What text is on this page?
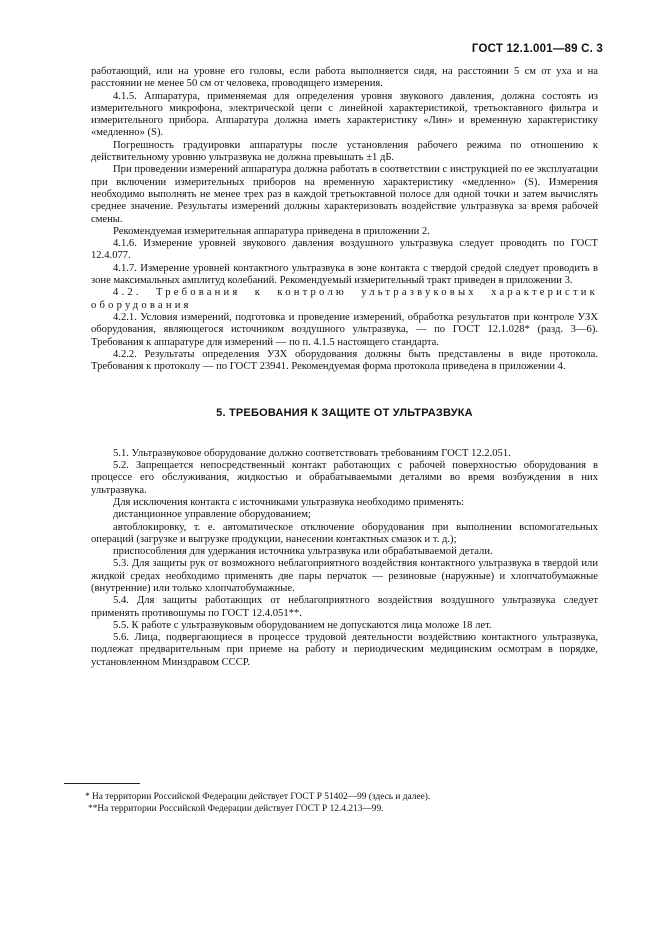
ГОСТ 12.1.001—89 С. 3

работающий, или на уровне его головы, если работа выполняется сидя, на расстоянии 5 см от уха и на расстоянии не менее 50 см от человека, проводящего измерения.

4.1.5. Аппаратура, применяемая для определения уровня звукового давления, должна состоять из измерительного микрофона, электрической цепи с линейной характеристикой, третьоктавного фильтра и измерительного прибора. Аппаратура должна иметь характеристику «Лин» и временную характеристику «медленно» (S).

Погрешность градуировки аппаратуры после установления рабочего режима по отношению к действительному уровню ультразвука не должна превышать ±1 дБ.

При проведении измерений аппаратура должна работать в соответствии с инструкцией по ее эксплуатации при включении измерительных приборов на временную характеристику «медленно» (S). Измерения необходимо выполнять не менее трех раз в каждой третьоктавной полосе для одной точки и затем вычислять среднее значение. Результаты измерений должны характеризовать воздействие ультразвука за время рабочей смены.

Рекомендуемая измерительная аппаратура приведена в приложении 2.

4.1.6. Измерение уровней звукового давления воздушного ультразвука следует проводить по ГОСТ 12.4.077.

4.1.7. Измерение уровней контактного ультразвука в зоне контакта с твердой средой следует проводить в зоне максимальных амплитуд колебаний. Рекомендуемый измерительный тракт приведен в приложении 3.

4.2. Требования к контролю ультразвуковых характеристик оборудования

4.2.1. Условия измерений, подготовка и проведение измерений, обработка результатов при контроле УЗХ оборудования, являющегося источником воздушного ультразвука, — по ГОСТ 12.1.028* (разд. 3—6). Требования к аппаратуре для измерений — по п. 4.1.5 настоящего стандарта.

4.2.2. Результаты определения УЗХ оборудования должны быть представлены в виде протокола. Требования к протоколу — по ГОСТ 23941. Рекомендуемая форма протокола приведена в приложении 4.

5. ТРЕБОВАНИЯ К ЗАЩИТЕ ОТ УЛЬТРАЗВУКА

5.1. Ультразвуковое оборудование должно соответствовать требованиям ГОСТ 12.2.051.

5.2. Запрещается непосредственный контакт работающих с рабочей поверхностью оборудования в процессе его обслуживания, жидкостью и обрабатываемыми деталями во время возбуждения в них ультразвука.

Для исключения контакта с источниками ультразвука необходимо применять:

дистанционное управление оборудованием;

автоблокировку, т. е. автоматическое отключение оборудования при выполнении вспомогательных операций (загрузке и выгрузке продукции, нанесении контактных смазок и т. д.);

приспособления для удержания источника ультразвука или обрабатываемой детали.

5.3. Для защиты рук от возможного неблагоприятного воздействия контактного ультразвука в твердой или жидкой средах необходимо применять две пары перчаток — резиновые (наружные) и хлопчатобумажные (внутренние) или только хлопчатобумажные.

5.4. Для защиты работающих от неблагоприятного воздействия воздушного ультразвука следует применять противошумы по ГОСТ 12.4.051**.

5.5. К работе с ультразвуковым оборудованием не допускаются лица моложе 18 лет.

5.6. Лица, подвергающиеся в процессе трудовой деятельности воздействию контактного ультразвука, подлежат предварительным при приеме на работу и периодическим медицинским осмотрам в порядке, установленном Минздравом СССР.

* На территории Российской Федерации действует ГОСТ Р 51402—99 (здесь и далее).

**На территории Российской Федерации действует ГОСТ Р 12.4.213—99.
